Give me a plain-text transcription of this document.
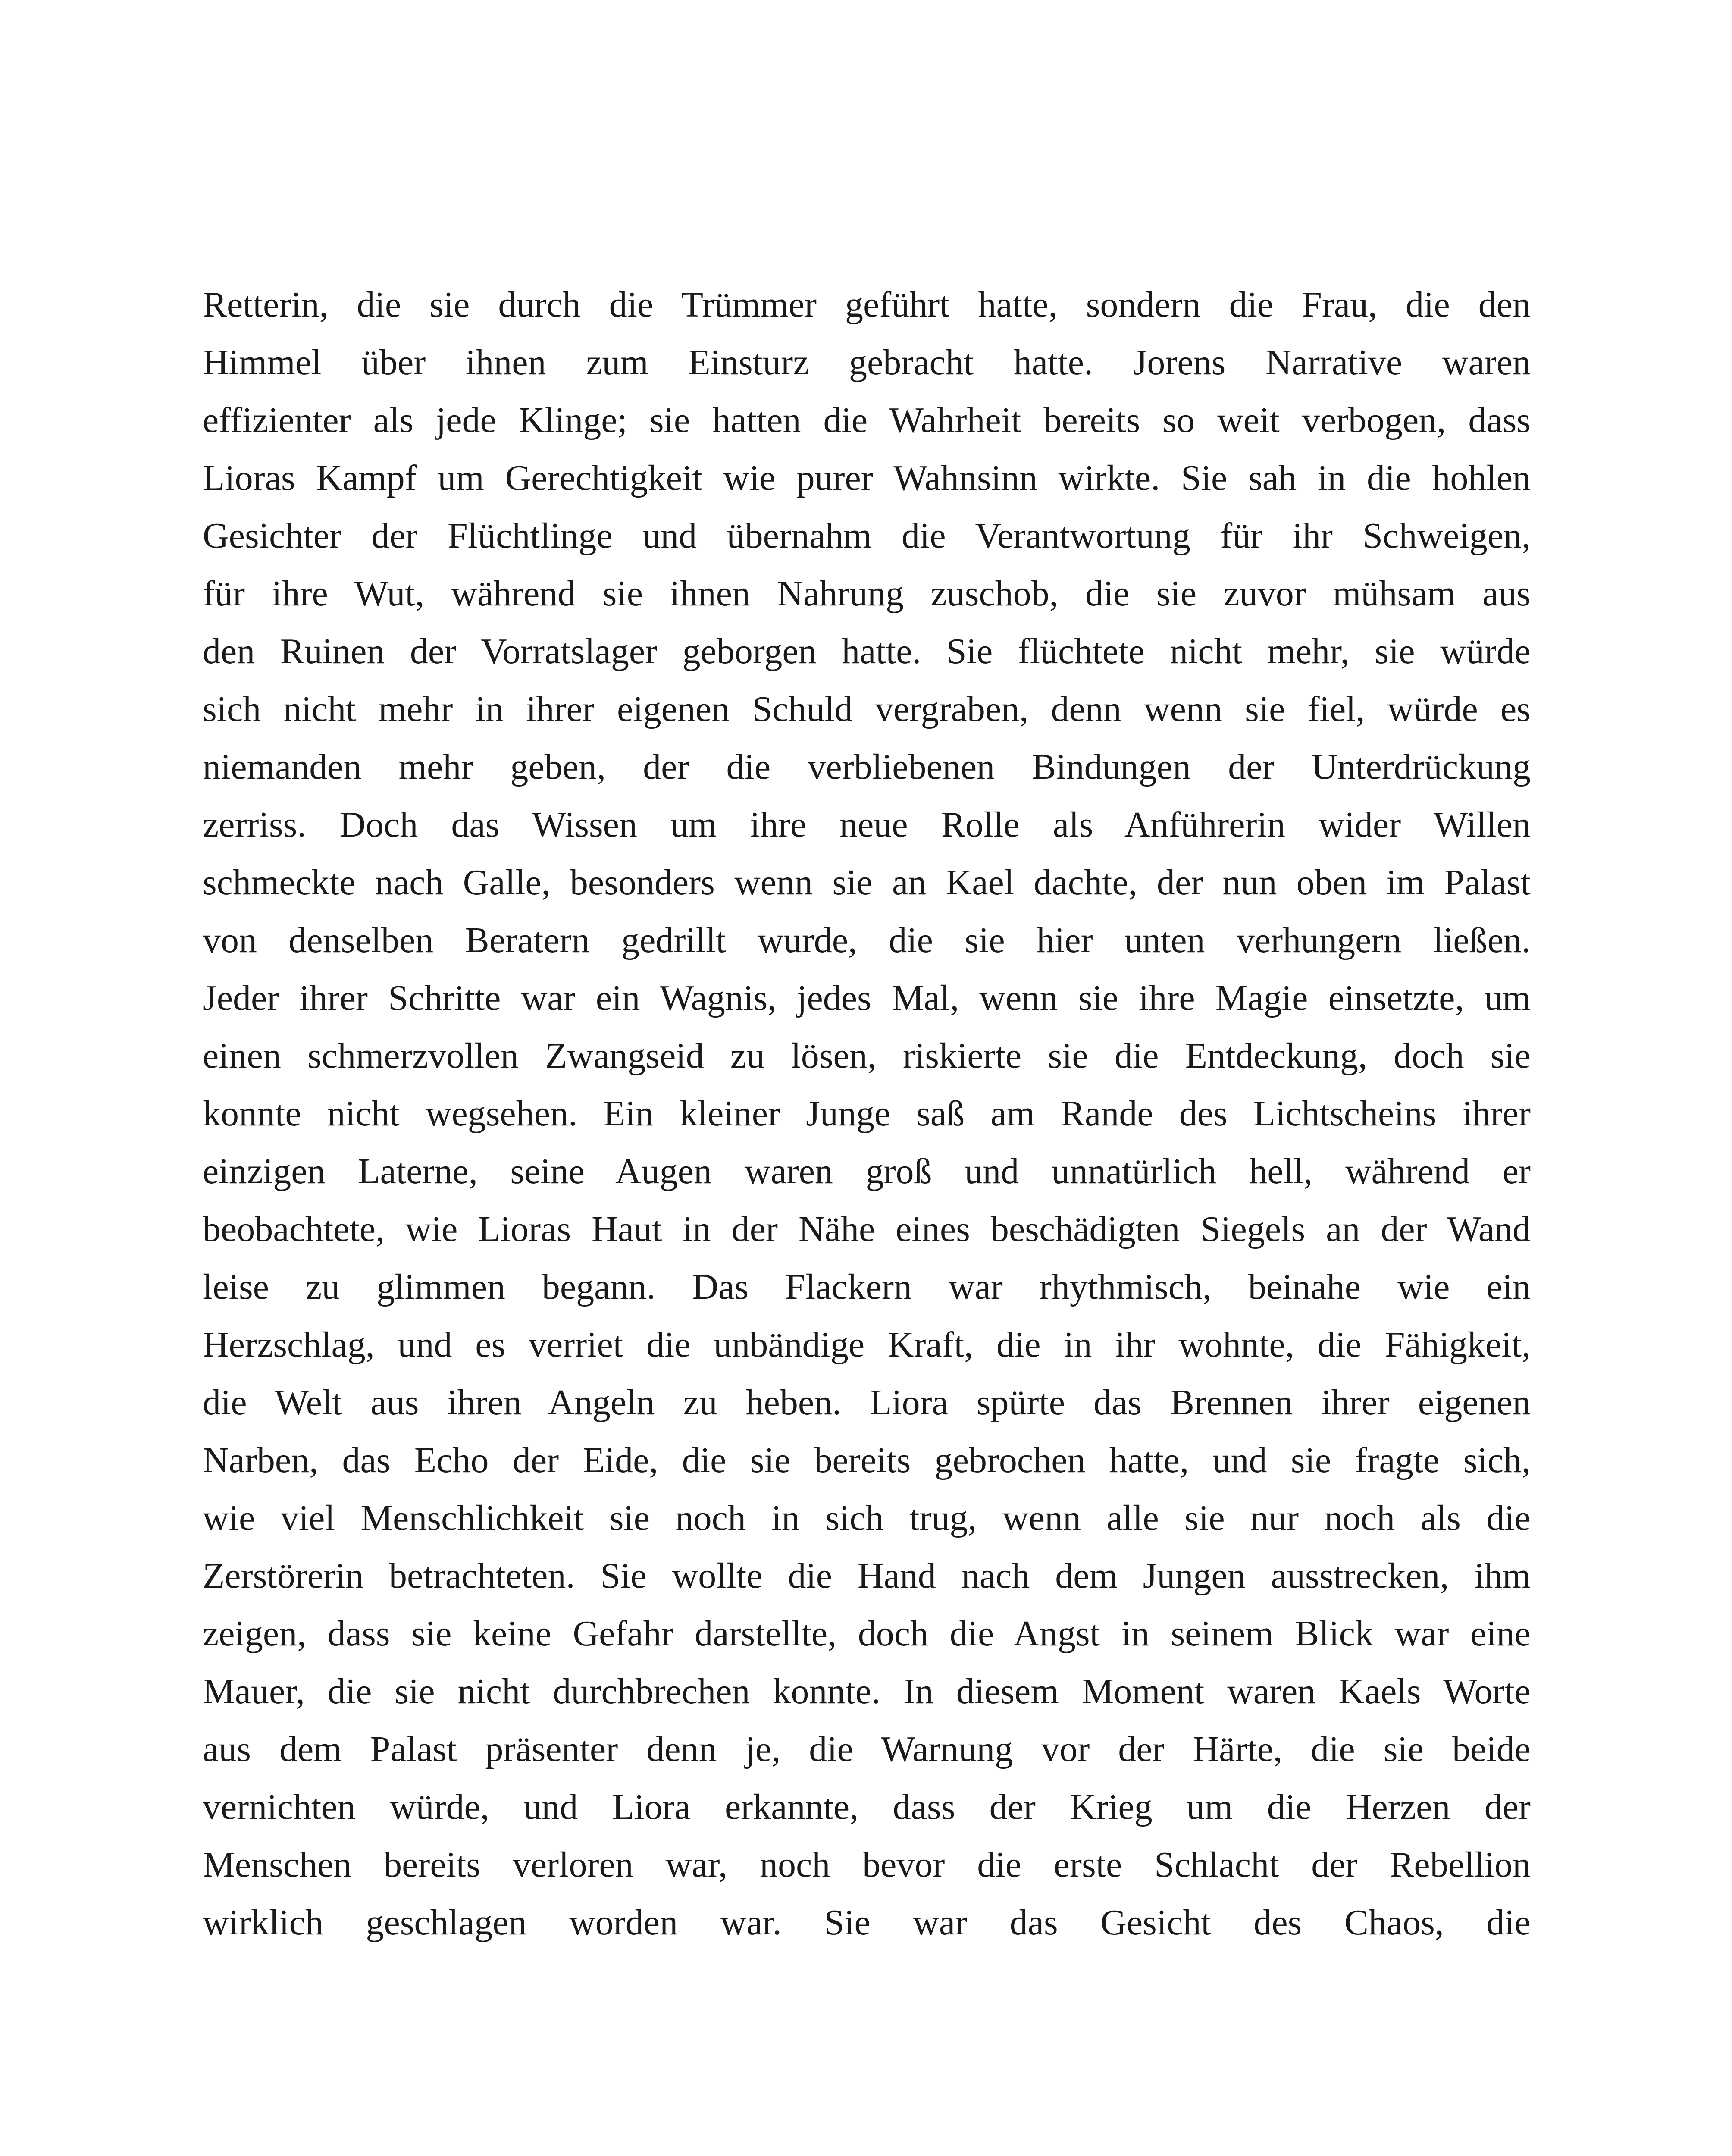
Retterin, die sie durch die Trümmer geführt hatte, sondern die Frau, die den
Himmel über ihnen zum Einsturz gebracht hatte. Jorens Narrative waren
effizienter als jede Klinge; sie hatten die Wahrheit bereits so weit verbogen, dass
Lioras Kampf um Gerechtigkeit wie purer Wahnsinn wirkte. Sie sah in die hohlen
Gesichter der Flüchtlinge und übernahm die Verantwortung für ihr Schweigen,
für ihre Wut, während sie ihnen Nahrung zuschob, die sie zuvor mühsam aus
den Ruinen der Vorratslager geborgen hatte. Sie flüchtete nicht mehr, sie würde
sich nicht mehr in ihrer eigenen Schuld vergraben, denn wenn sie fiel, würde es
niemanden mehr geben, der die verbliebenen Bindungen der Unterdrückung
zerriss. Doch das Wissen um ihre neue Rolle als Anführerin wider Willen
schmeckte nach Galle, besonders wenn sie an Kael dachte, der nun oben im Palast
von denselben Beratern gedrillt wurde, die sie hier unten verhungern ließen.
Jeder ihrer Schritte war ein Wagnis, jedes Mal, wenn sie ihre Magie einsetzte, um
einen schmerzvollen Zwangseid zu lösen, riskierte sie die Entdeckung, doch sie
konnte nicht wegsehen. Ein kleiner Junge saß am Rande des Lichtscheins ihrer
einzigen Laterne, seine Augen waren groß und unnatürlich hell, während er
beobachtete, wie Lioras Haut in der Nähe eines beschädigten Siegels an der Wand
leise zu glimmen begann. Das Flackern war rhythmisch, beinahe wie ein
Herzschlag, und es verriet die unbändige Kraft, die in ihr wohnte, die Fähigkeit,
die Welt aus ihren Angeln zu heben. Liora spürte das Brennen ihrer eigenen
Narben, das Echo der Eide, die sie bereits gebrochen hatte, und sie fragte sich,
wie viel Menschlichkeit sie noch in sich trug, wenn alle sie nur noch als die
Zerstörerin betrachteten. Sie wollte die Hand nach dem Jungen ausstrecken, ihm
zeigen, dass sie keine Gefahr darstellte, doch die Angst in seinem Blick war eine
Mauer, die sie nicht durchbrechen konnte. In diesem Moment waren Kaels Worte
aus dem Palast präsenter denn je, die Warnung vor der Härte, die sie beide
vernichten würde, und Liora erkannte, dass der Krieg um die Herzen der
Menschen bereits verloren war, noch bevor die erste Schlacht der Rebellion
wirklich geschlagen worden war. Sie war das Gesicht des Chaos, die
